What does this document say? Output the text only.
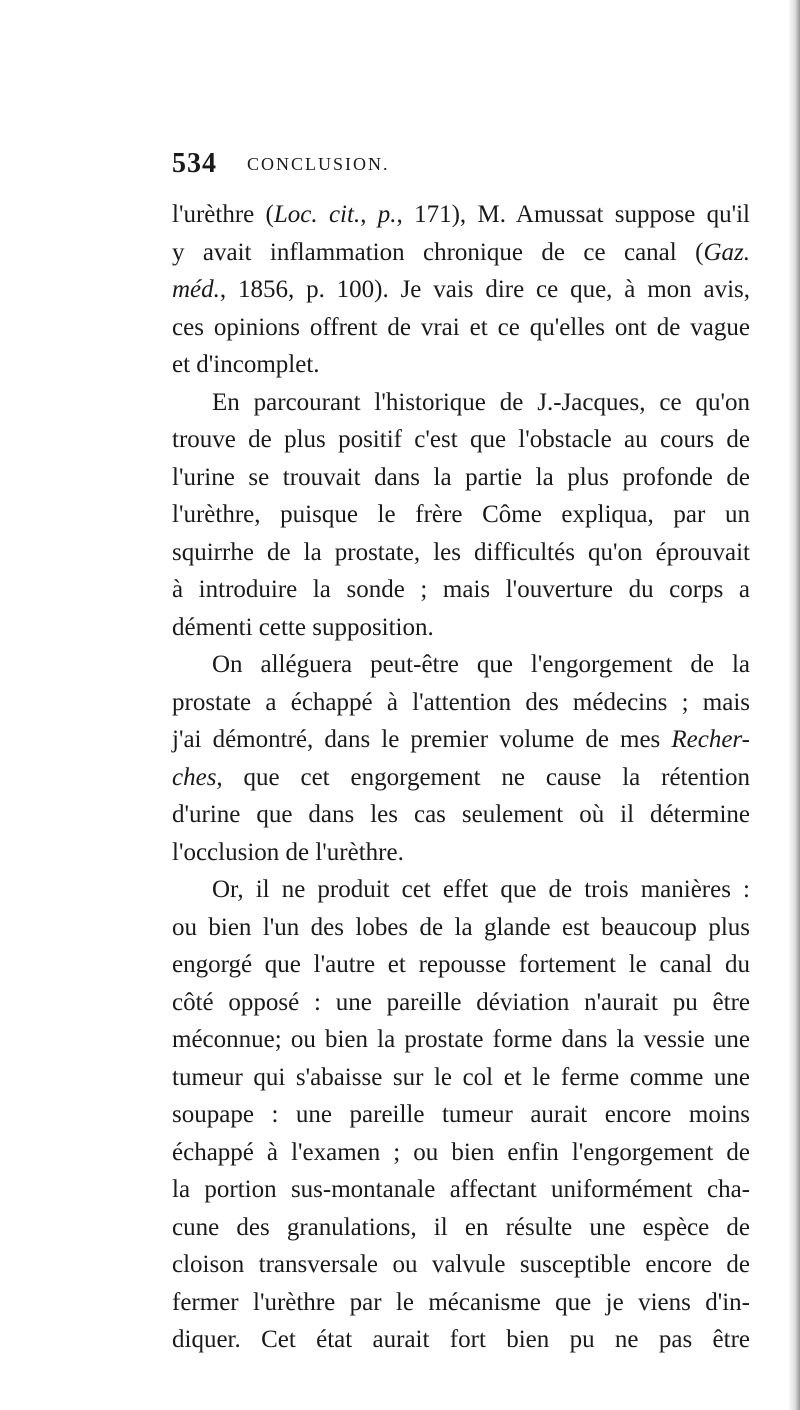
534 CONCLUSION.
l'urèthre (Loc. cit., p., 171), M. Amussat suppose qu'il
y avait inflammation chronique de ce canal (Gaz.
méd., 1856, p. 100). Je vais dire ce que, à mon avis,
ces opinions offrent de vrai et ce qu'elles ont de vague
et d'incomplet.
En parcourant l'historique de J.-Jacques, ce qu'on
trouve de plus positif c'est que l'obstacle au cours de
l'urine se trouvait dans la partie la plus profonde de
l'urèthre, puisque le frère Côme expliqua, par un
squirrhe de la prostate, les difficultés qu'on éprouvait
à introduire la sonde ; mais l'ouverture du corps a
démenti cette supposition.
On alléguera peut-être que l'engorgement de la
prostate a échappé à l'attention des médecins ; mais
j'ai démontré, dans le premier volume de mes Recher-
ches, que cet engorgement ne cause la rétention
d'urine que dans les cas seulement où il détermine
l'occlusion de l'urèthre.
Or, il ne produit cet effet que de trois manières :
ou bien l'un des lobes de la glande est beaucoup plus
engorgé que l'autre et repousse fortement le canal du
côté opposé : une pareille déviation n'aurait pu être
méconnue; ou bien la prostate forme dans la vessie une
tumeur qui s'abaisse sur le col et le ferme comme une
soupape : une pareille tumeur aurait encore moins
échappé à l'examen ; ou bien enfin l'engorgement de
la portion sus-montanale affectant uniformément cha-
cune des granulations, il en résulte une espèce de
cloison transversale ou valvule susceptible encore de
fermer l'urèthre par le mécanisme que je viens d'in-
diquer. Cet état aurait fort bien pu ne pas être
